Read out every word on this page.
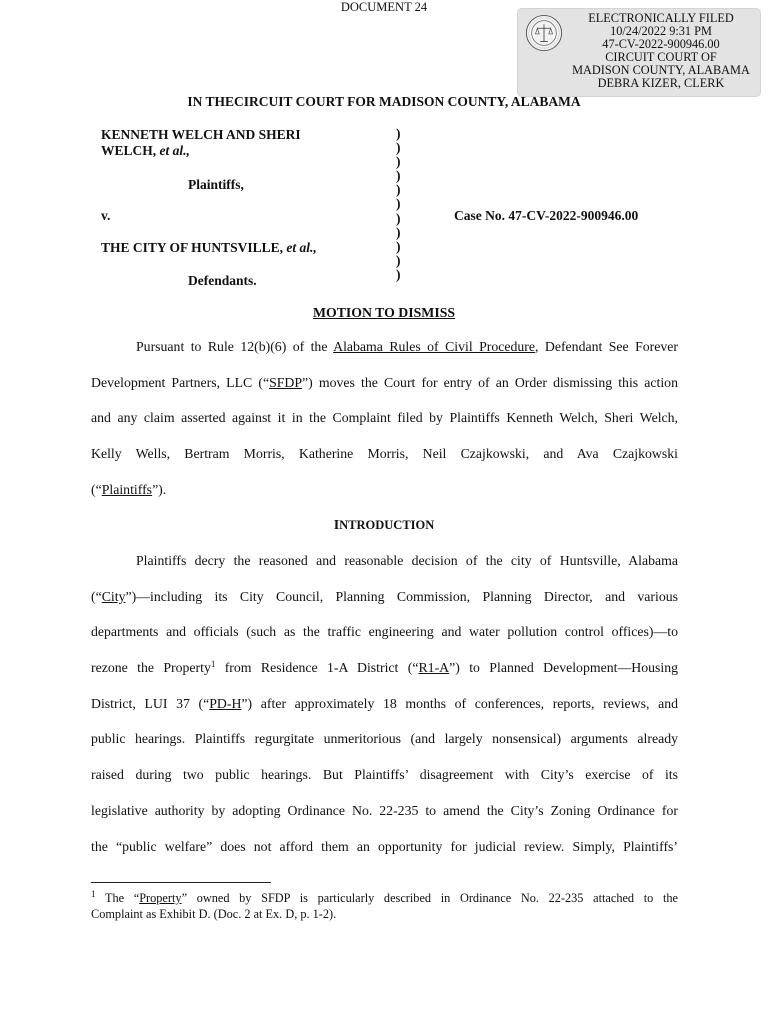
DOCUMENT 24
ELECTRONICALLY FILED
10/24/2022 9:31 PM
47-CV-2022-900946.00
CIRCUIT COURT OF
MADISON COUNTY, ALABAMA
DEBRA KIZER, CLERK
IN THECIRCUIT COURT FOR MADISON COUNTY, ALABAMA
KENNETH WELCH AND SHERI
WELCH, et al.,
Plaintiffs,
v.
THE CITY OF HUNTSVILLE, et al.,
Defendants.
)
)
)
)
)
)
)
)
)
)
)
Case No. 47-CV-2022-900946.00
MOTION TO DISMISS
Pursuant to Rule 12(b)(6) of the Alabama Rules of Civil Procedure, Defendant See Forever
Development Partners, LLC (“SFDP”) moves the Court for entry of an Order dismissing this action
and any claim asserted against it in the Complaint filed by Plaintiffs Kenneth Welch, Sheri Welch,
Kelly Wells, Bertram Morris, Katherine Morris, Neil Czajkowski, and Ava Czajkowski
(“Plaintiffs”).
INTRODUCTION
Plaintiffs decry the reasoned and reasonable decision of the city of Huntsville, Alabama
(“City”)—including its City Council, Planning Commission, Planning Director, and various
departments and officials (such as the traffic engineering and water pollution control offices)—to
rezone the Property$^1$ from Residence 1-A District (“R1-A”) to Planned Development—Housing
District, LUI 37 (“PD-H”) after approximately 18 months of conferences, reports, reviews, and
public hearings. Plaintiffs regurgitate unmeritorious (and largely nonsensical) arguments already
raised during two public hearings. But Plaintiffs’ disagreement with City’s exercise of its
legislative authority by adopting Ordinance No. 22-235 to amend the City’s Zoning Ordinance for
the “public welfare” does not afford them an opportunity for judicial review. Simply, Plaintiffs’
$^1$ The “Property” owned by SFDP is particularly described in Ordinance No. 22-235 attached to the
Complaint as Exhibit D. (Doc. 2 at Ex. D, p. 1-2).
